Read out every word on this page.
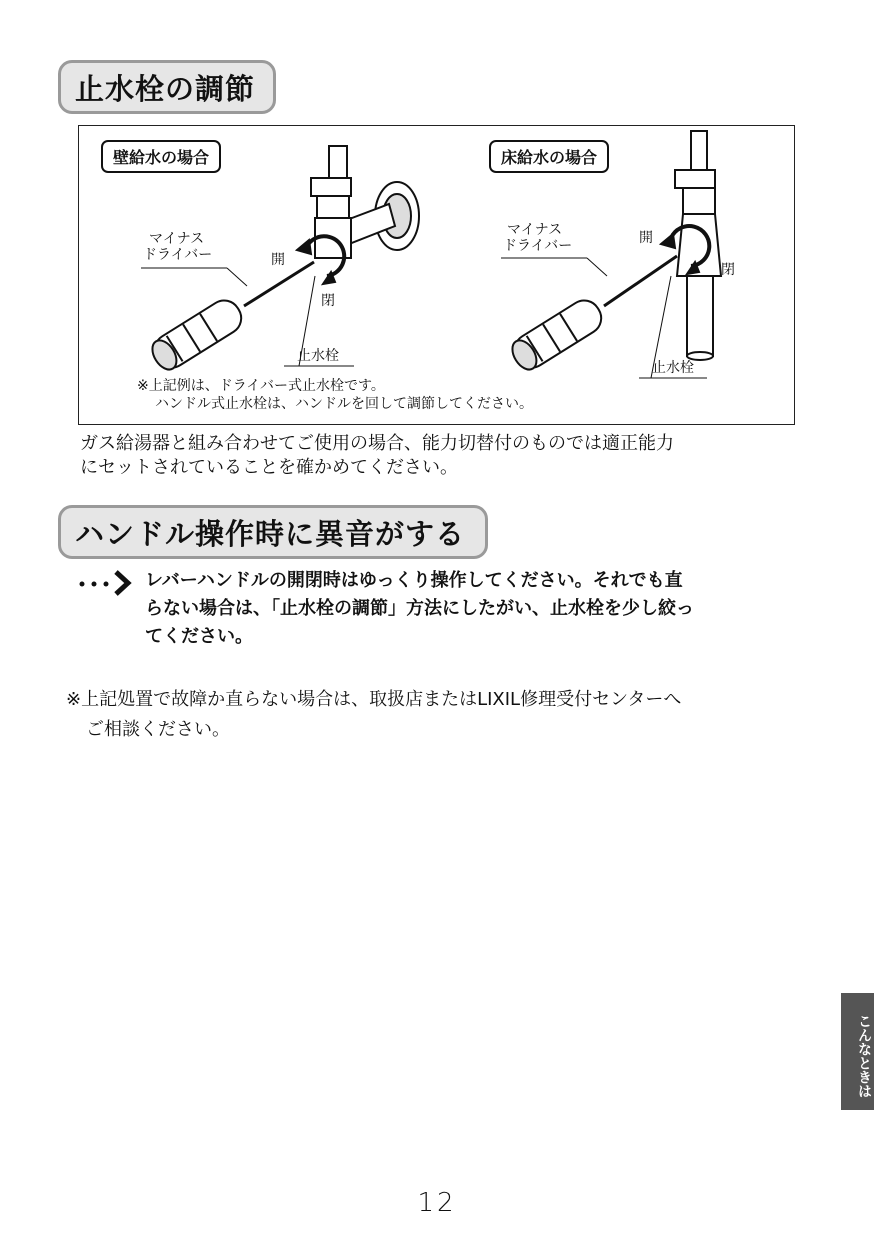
止水栓の調節
壁給水の場合	床給水の場合
マイナス
ドライバー	開
閉
止水栓
マイナス
ドライバー	開
閉
止水栓
※上記例は、ドライバー式止水栓です。
ハンドル式止水栓は、ハンドルを回して調節してください。
ガス給湯器と組み合わせてご使用の場合、能力切替付のものでは適正能力
にセットされていることを確かめてください。
ハンドル操作時に異音がする
レバーハンドルの開閉時はゆっくり操作してください。それでも直
らない場合は、「止水栓の調節」方法にしたがい、止水栓を少し絞っ
てください。
※上記処置で故障か直らない場合は、取扱店またはLIXIL修理受付センターへ
ご相談ください。
こんなときは
12
